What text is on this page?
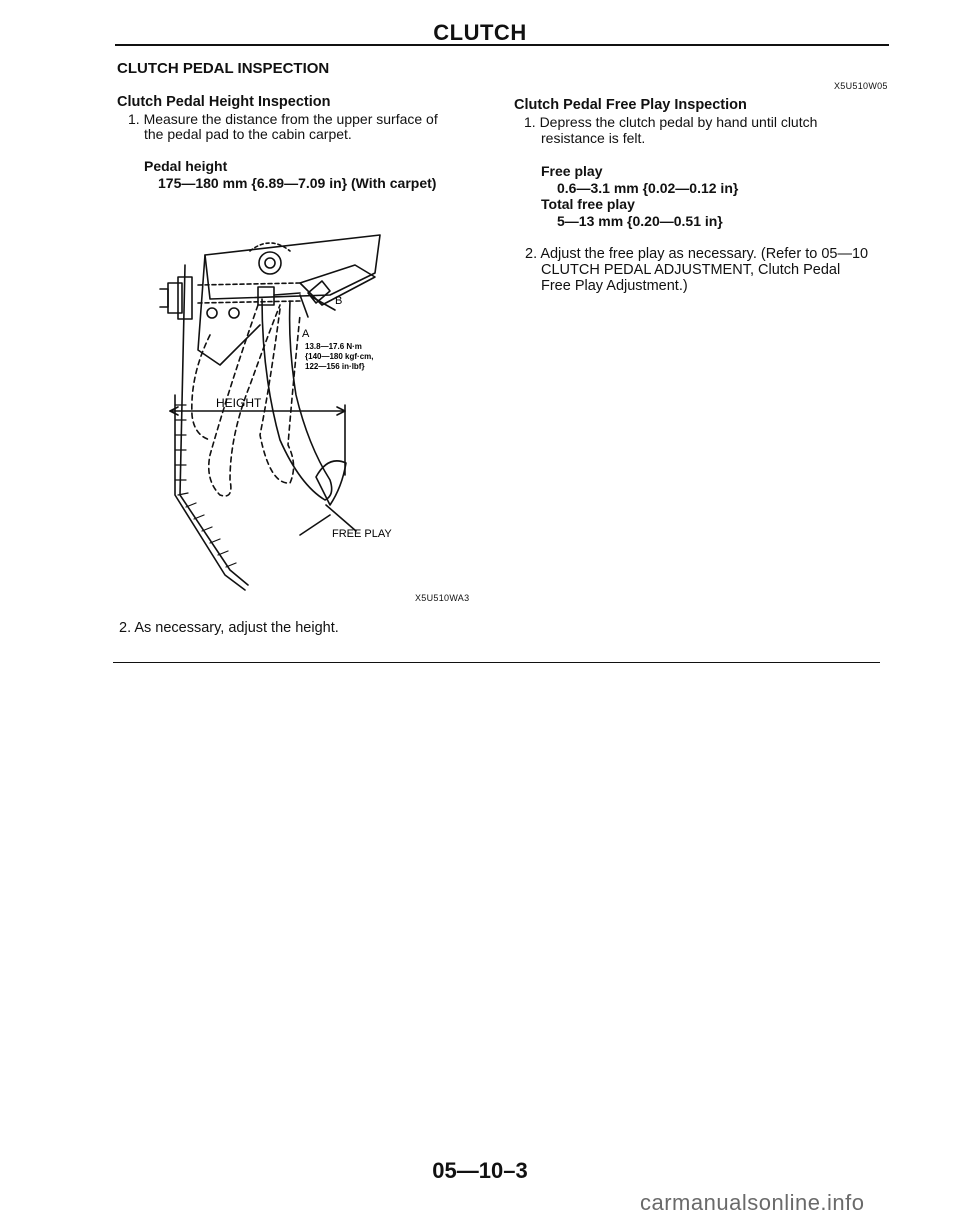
CLUTCH
CLUTCH PEDAL INSPECTION
Clutch Pedal Height Inspection
1. Measure the distance from the upper surface of
the pedal pad to the cabin carpet.
Pedal height
175—180 mm {6.89—7.09 in} (With carpet)
B
A
13.8—17.6 N·m
{140—180 kgf·cm,
122—156 in·lbf}
HEIGHT
FREE PLAY
X5U510WA3
2. As necessary, adjust the height.
X5U510W05
Clutch Pedal Free Play Inspection
1. Depress the clutch pedal by hand until clutch
resistance is felt.
Free play
0.6—3.1 mm {0.02—0.12 in}
Total free play
5—13 mm {0.20—0.51 in}
2. Adjust the free play as necessary. (Refer to 05—10
CLUTCH PEDAL ADJUSTMENT, Clutch Pedal
Free Play Adjustment.)
05—10–3
carmanualsonline.info
